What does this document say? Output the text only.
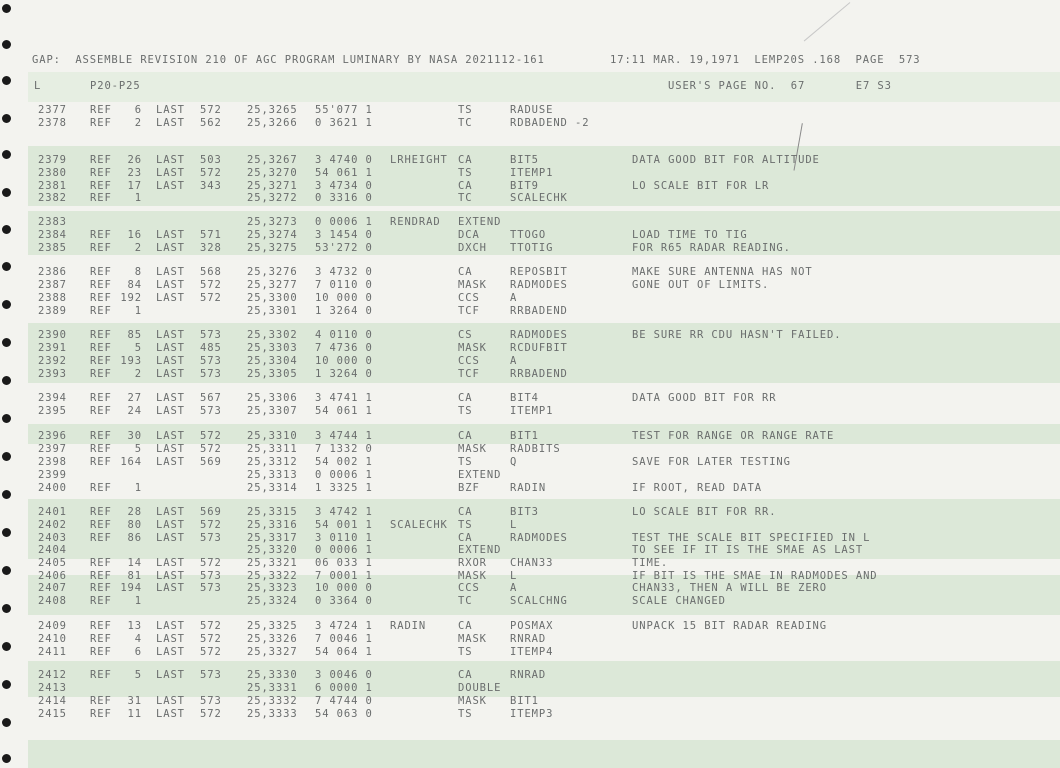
GAP:  ASSEMBLE REVISION 210 OF AGC PROGRAM LUMINARY BY NASA 2021112-161	17:11 MAR. 19,1971  LEMP20S .168  PAGE  573
L	P20-P25	USER'S PAGE NO.  67       E7 S3
2377 REF	6 LAST 572 25,3265 55'077 1	TS	RADUSE
2378 REF	2 LAST 562 25,3266 0 3621 1	TC	RDBADEND -2
2379 REF	26 LAST 503 25,3267 3 4740 0 LRHEIGHT CA	BIT5	DATA GOOD BIT FOR ALTITUDE
2380 REF	23 LAST 572 25,3270 54 061 1	TS	ITEMP1
2381 REF	17 LAST 343 25,3271 3 4734 0	CA	BIT9	LO SCALE BIT FOR LR
2382 REF	1	25,3272 0 3316 0	TC	SCALECHK
2383	25,3273 0 0006 1 RENDRAD EXTEND
2384 REF	16 LAST 571 25,3274 3 1454 0	DCA	TTOGO	LOAD TIME TO TIG
2385 REF	2 LAST 328 25,3275 53'272 0	DXCH TTOTIG	FOR R65 RADAR READING.
2386 REF	8 LAST 568 25,3276 3 4732 0	CA	REPOSBIT	MAKE SURE ANTENNA HAS NOT
2387 REF	84 LAST 572 25,3277 7 0110 0	MASK RADMODES	GONE OUT OF LIMITS.
2388 REF 192 LAST 572 25,3300 10 000 0	CCS	A
2389 REF	1	25,3301 1 3264 0	TCF	RRBADEND
2390 REF	85 LAST 573 25,3302 4 0110 0	CS	RADMODES	BE SURE RR CDU HASN'T FAILED.
2391 REF	5 LAST 485 25,3303 7 4736 0	MASK RCDUFBIT
2392 REF 193 LAST 573 25,3304 10 000 0	CCS	A
2393 REF	2 LAST 573 25,3305 1 3264 0	TCF	RRBADEND
2394 REF	27 LAST 567 25,3306 3 4741 1	CA	BIT4	DATA GOOD BIT FOR RR
2395 REF	24 LAST 573 25,3307 54 061 1	TS	ITEMP1
2396 REF	30 LAST 572 25,3310 3 4744 1	CA	BIT1	TEST FOR RANGE OR RANGE RATE
2397 REF	5 LAST 572 25,3311 7 1332 0	MASK RADBITS
2398 REF 164 LAST 569 25,3312 54 002 1	TS	Q	SAVE FOR LATER TESTING
2399	25,3313 0 0006 1	EXTEND
2400 REF	1	25,3314 1 3325 1	BZF	RADIN	IF ROOT, READ DATA
2401 REF	28 LAST 569 25,3315 3 4742 1	CA	BIT3	LO SCALE BIT FOR RR.
2402 REF	80 LAST 572 25,3316 54 001 1 SCALECHK TS	L
2403 REF	86 LAST 573 25,3317 3 0110 1	CA	RADMODES	TEST THE SCALE BIT SPECIFIED IN L
2404	25,3320 0 0006 1	EXTEND	TO SEE IF IT IS THE SMAE AS LAST
2405 REF	14 LAST 572 25,3321 06 033 1	RXOR CHAN33	TIME.
2406 REF	81 LAST 573 25,3322 7 0001 1	MASK L	IF BIT IS THE SMAE IN RADMODES AND
2407 REF 194 LAST 573 25,3323 10 000 0	CCS	A	CHAN33, THEN A WILL BE ZERO
2408 REF	1	25,3324 0 3364 0	TC	SCALCHNG	SCALE CHANGED
2409 REF	13 LAST 572 25,3325 3 4724 1 RADIN	CA	POSMAX	UNPACK 15 BIT RADAR READING
2410 REF	4 LAST 572 25,3326 7 0046 1	MASK RNRAD
2411 REF	6 LAST 572 25,3327 54 064 1	TS	ITEMP4
2412 REF	5 LAST 573 25,3330 3 0046 0	CA	RNRAD
2413	25,3331 6 0000 1	DOUBLE
2414 REF	31 LAST 573 25,3332 7 4744 0	MASK BIT1
2415 REF	11 LAST 572 25,3333 54 063 0	TS	ITEMP3
